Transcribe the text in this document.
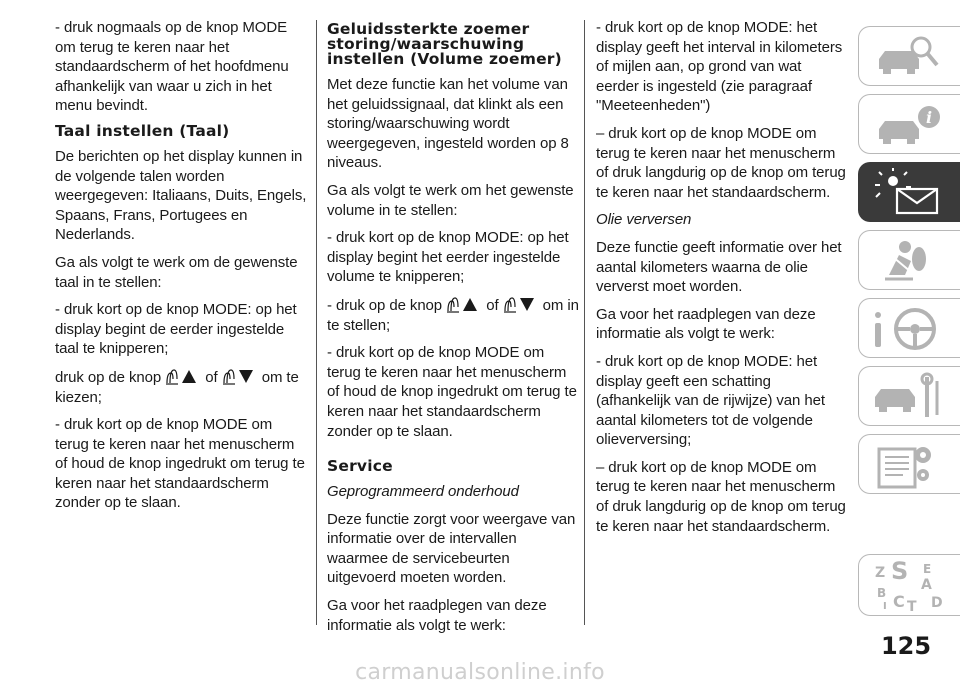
- druk nogmaals op de knop MODE om terug te keren naar het standaardscherm of het hoofdmenu afhankelijk van waar u zich in het menu bevindt.

Taal instellen (Taal)

De berichten op het display kunnen in de volgende talen worden weergegeven: Italiaans, Duits, Engels, Spaans, Frans, Portugees en Nederlands.

Ga als volgt te werk om de gewenste taal in te stellen:

- druk kort op de knop MODE: op het display begint de eerder ingestelde taal te knipperen;

druk op de knop	of	om te kiezen;

- druk kort op de knop MODE om terug te keren naar het menuscherm of houd de knop ingedrukt om terug te keren naar het standaardscherm zonder op te slaan.

Geluidssterkte zoemer storing/waarschuwing instellen (Volume zoemer)

Met deze functie kan het volume van het geluidssignaal, dat klinkt als een storing/waarschuwing wordt weergegeven, ingesteld worden op 8 niveaus.

Ga als volgt te werk om het gewenste volume in te stellen:

- druk kort op de knop MODE: op het display begint het eerder ingestelde volume te knipperen;

- druk op de knop	of	om in te stellen;

- druk kort op de knop MODE om terug te keren naar het menuscherm of houd de knop ingedrukt om terug te keren naar het standaardscherm zonder op te slaan.

Service

Geprogrammeerd onderhoud

Deze functie zorgt voor weergave van informatie over de intervallen waarmee de servicebeurten uitgevoerd moeten worden.

Ga voor het raadplegen van deze informatie als volgt te werk:

- druk kort op de knop MODE: het display geeft het interval in kilometers of mijlen aan, op grond van wat eerder is ingesteld (zie paragraaf "Meeteenheden")

– druk kort op de knop MODE om terug te keren naar het menuscherm of druk langdurig op de knop om terug te keren naar het standaardscherm.

Olie verversen

Deze functie geeft informatie over het aantal kilometers waarna de olie ververst moet worden.

Ga voor het raadplegen van deze informatie als volgt te werk:

- druk kort op de knop MODE: het display geeft een schatting (afhankelijk van de rijwijze) van het aantal kilometers tot de volgende olieverversing;

– druk kort op de knop MODE om terug te keren naar het menuscherm of druk langdurig op de knop om terug te keren naar het standaardscherm.

i
Z	E
S A
B C T D
I
125
carmanualsonline.info
